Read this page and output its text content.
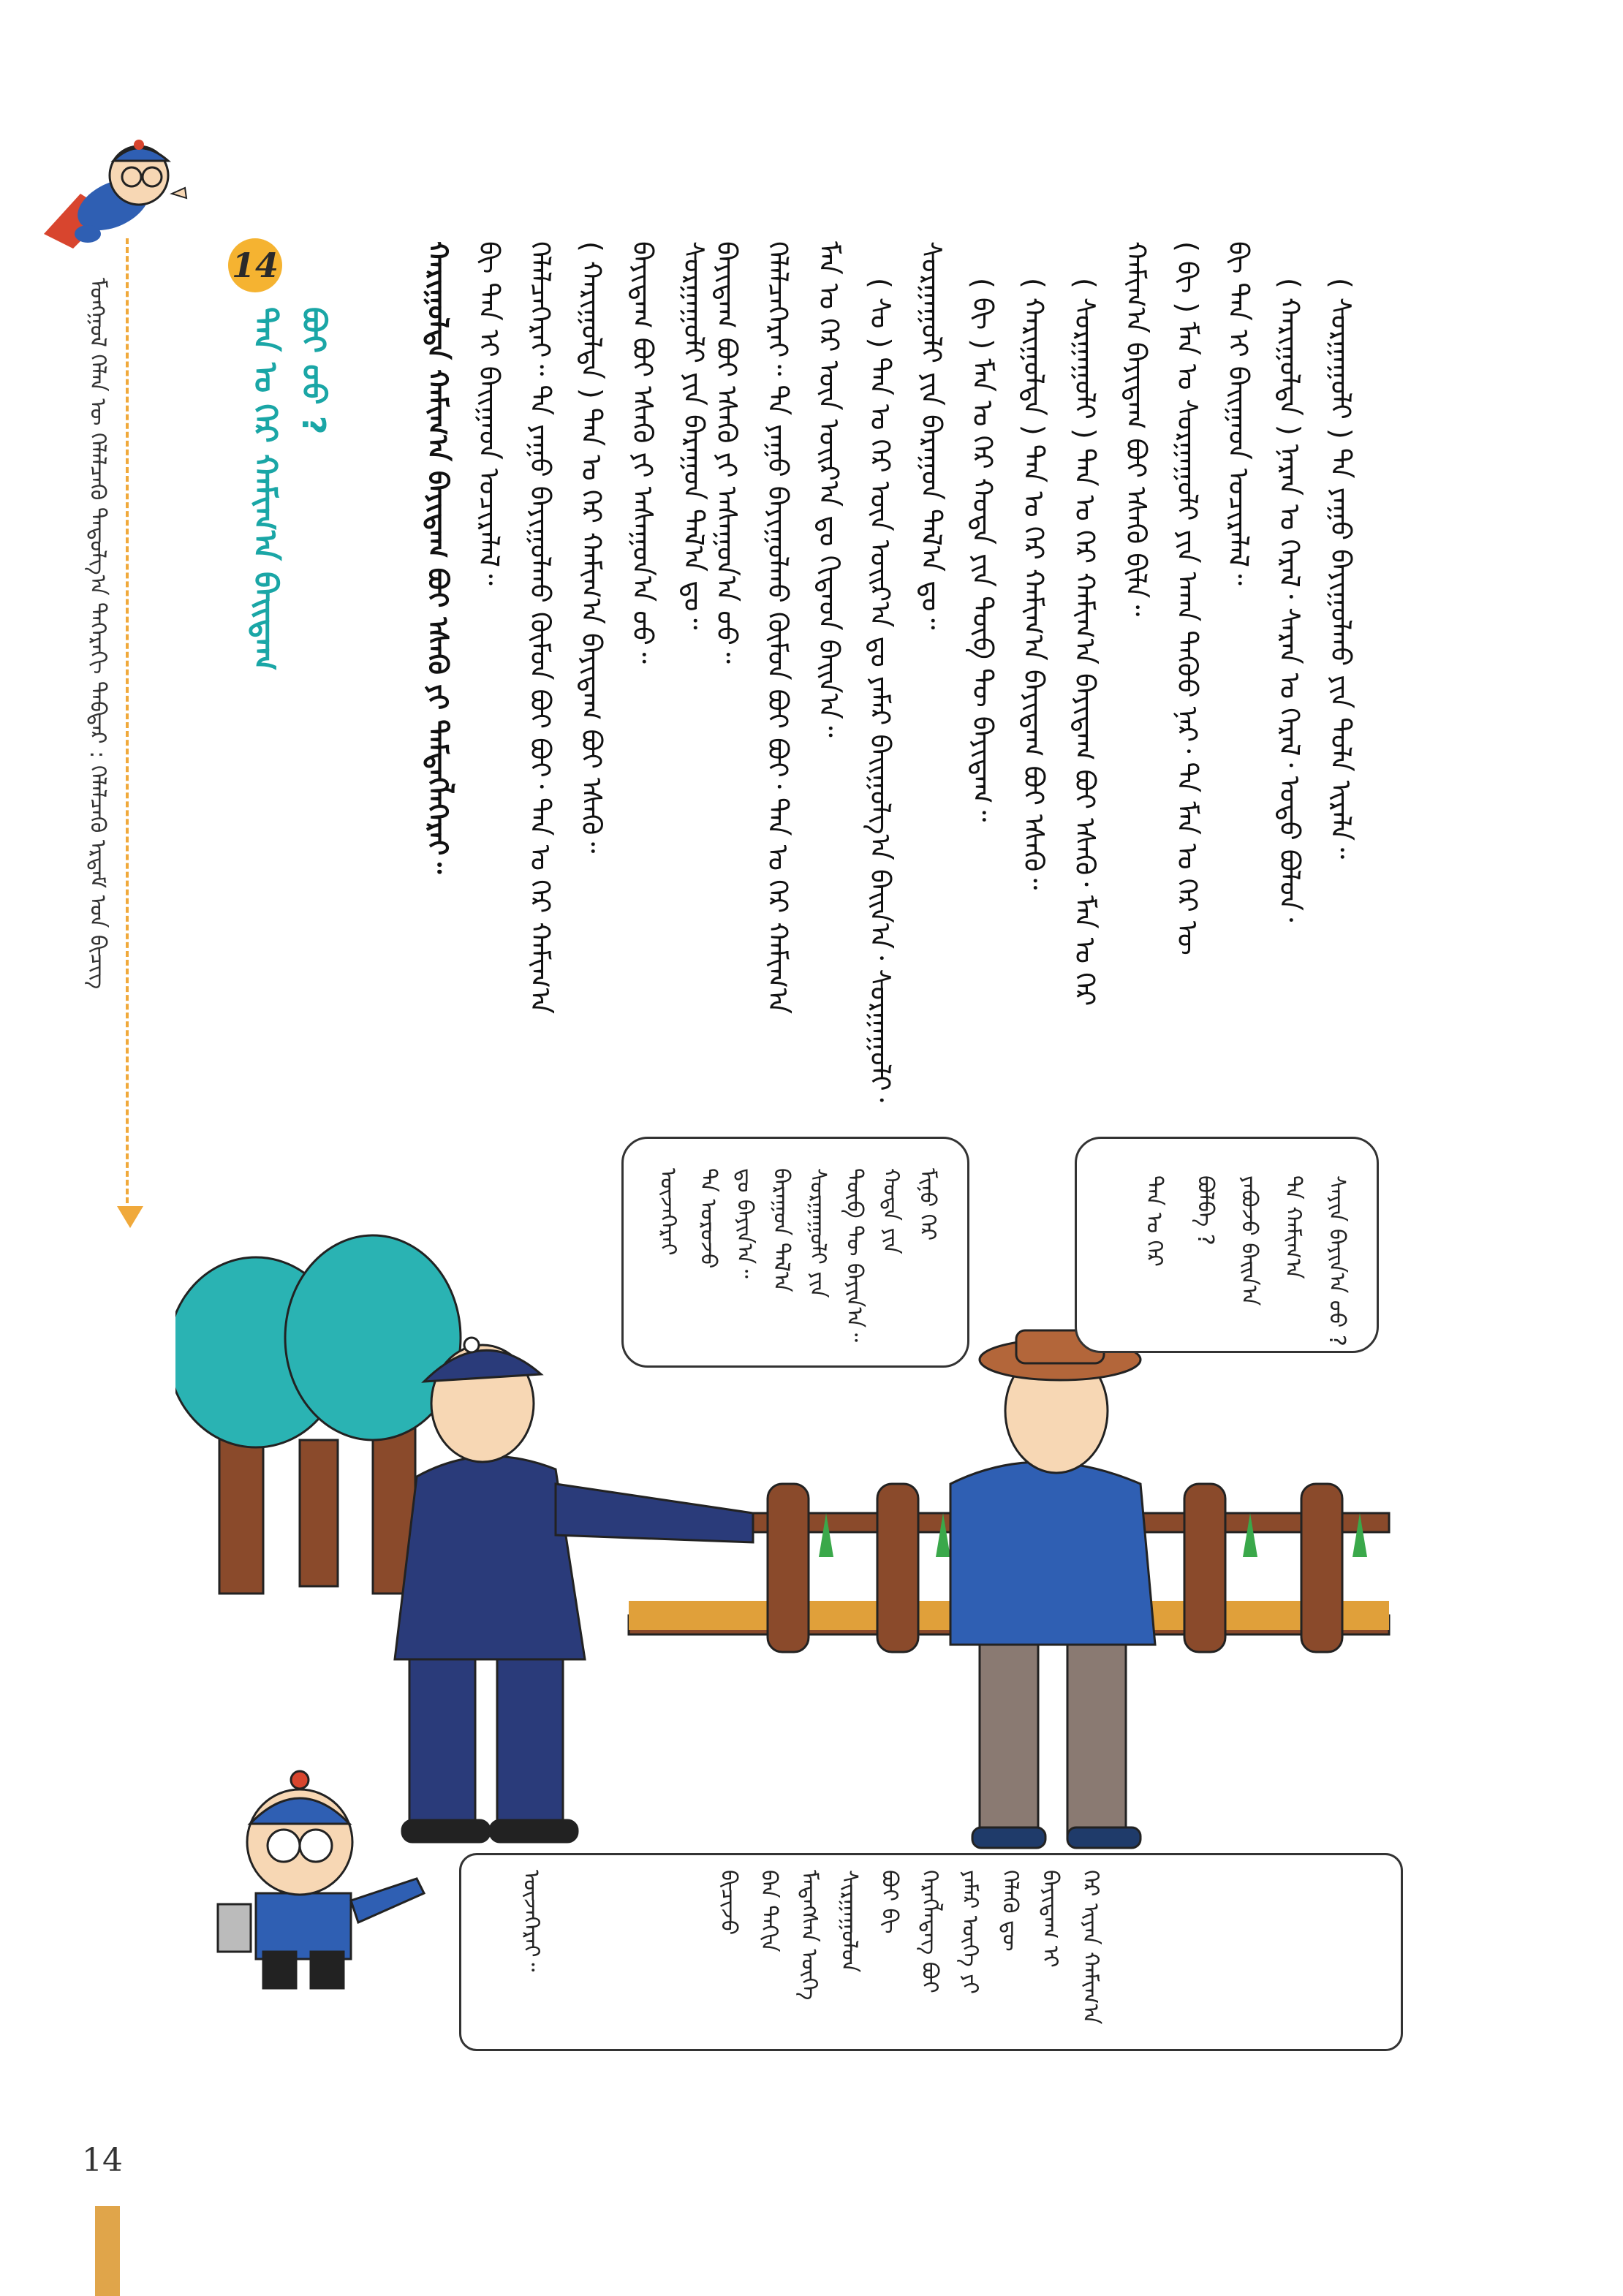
ᠮᠣᠩᠭᠣᠯ ᠬᠡᠯᠡᠨ ᠦ ᠬᠡᠯᠡᠯᠴᠡᠬᠦ ᠳᠠᠳᠤᠯᠭ᠎ᠠ ᠳᠡᠭᠡᠷᠡᠬᠢ ᠳᠡᠪᠲᠡᠷ : ᠬᠡᠯᠡᠯᠴᠡᠬᠦ ᠡᠷᠳᠡᠮ ᠤᠨ ᠪᠢᠴᠢᠭ
14
ᠲᠠᠨ ᠤ ᠭᠡᠷ ᠬᠠᠮᠢᠭ᠎ᠠ ᠪᠠᠢᠳᠠᠭ ᠪᠤᠢ ᠤᠤ ?	( ᠰᠤᠷᠭᠠᠭᠤᠯᠢ ) ᠲᠠ ᠶᠠᠭᠤ ᠪᠠᠶᠢᠭᠤᠯᠬᠤ ᠶᠢᠨ ᠲᠤᠯᠠ ᠢᠷᠡᠯᠡ᠃
( ᠬᠠᠷᠢᠭᠤᠯᠳᠠ ) ᠨᠠᠷᠠᠨ ᠤ ᠭᠡᠷᠡᠯ᠂ ᠰᠠᠷᠠᠨ ᠤ ᠭᠡᠷᠡᠯ᠂ ᠣᠳᠣ ᠪᠣᠯᠤᠨ᠂
ᠪᠢ ᠲᠠᠨ ᠢ ᠪᠠᠢᠭᠠᠳ ᠤᠴᠢᠷᠠᠯᠠᠯ᠃
( ᠪᠢ ) ᠮᠠᠨ ᠤ ᠰᠤᠷᠭᠠᠭᠤᠯᠢ ᠶᠢᠨ ᠠᠬᠠ ᠳᠡᠭᠦᠦ ᠨᠠᠷ᠂ ᠲᠠ ᠮᠠᠨ ᠤ ᠭᠡᠷ ᠦ
ᠬᠠᠮᠢᠭ᠎ᠠ ᠪᠠᠶᠢᠳᠠᠭ ᠪᠤᠢ ᠡᠰᠡᠬᠦ ᠪᠢᠯᠡ᠃
( ᠰᠤᠷᠭᠠᠭᠤᠯᠢ ) ᠲᠠᠨ ᠤ ᠭᠡᠷ ᠬᠠᠮᠢᠭ᠎ᠠ ᠪᠠᠶᠢᠳᠠᠭ ᠪᠤᠢ ᠡᠰᠡᠬᠦ᠂ ᠮᠠᠨ ᠤ ᠭᠡᠷ
( ᠬᠠᠷᠢᠭᠤᠯᠳᠠ ) ᠲᠠᠨ ᠤ ᠭᠡᠷ ᠬᠠᠮᠢᠭ᠎ᠠ ᠪᠠᠶᠢᠳᠠᠭ ᠪᠤᠢ ᠡᠰᠡᠬᠦ᠃
( ᠪᠢ ) ᠮᠠᠨ ᠤ ᠭᠡᠷ ᠬᠣᠲᠠ ᠶᠢᠨ ᠲᠥᠪ ᠲᠦ ᠪᠠᠶᠢᠳᠠᠭ᠃
ᠰᠤᠷᠭᠠᠭᠤᠯᠢ ᠶᠢᠨ ᠪᠠᠷᠠᠭᠤᠨ ᠲᠠᠯ᠎ᠠ ᠳᠤ᠃
( ᠰᠤ ) ᠲᠠᠨ ᠤ ᠭᠡᠷ ᠦᠨ ᠤᠢᠷ᠎ᠠ ᠳᠤ ᠶᠠᠮᠠᠷ ᠪᠠᠢᠭᠤᠯᠭ᠎ᠠ ᠪᠠᠢᠨ᠎ᠠ᠂ ᠰᠤᠷᠭᠠᠭᠤᠯᠢ᠂
ᠮᠠᠨ ᠤ ᠭᠡᠷ ᠦᠨ ᠤᠢᠷ᠎ᠠ ᠳᠤ ᠬᠢᠲᠠᠳ ᠪᠠᠢᠨ᠎ᠠ᠃
ᠬᠡᠯᠡᠯᠴᠡᠭᠡᠷᠡᠢ᠃ ᠲᠠ ᠶᠠᠭᠤ ᠪᠠᠶᠢᠭᠤᠯᠬᠤ ᠬᠥᠮᠦᠨ ᠪᠤᠢ ᠪᠤᠢ᠂ ᠲᠠᠨ ᠤ ᠭᠡᠷ ᠬᠠᠮᠢᠭ᠎ᠠ
ᠪᠠᠶᠢᠳᠠᠭ ᠪᠤᠢ ᠡᠰᠡᠬᠦ ᠶᠢ ᠠᠰᠠᠭᠤᠨ᠎ᠠ ᠤᠤ᠃
ᠬᠠᠷᠢᠭᠤᠯᠳᠠ ᠬᠠᠮᠢᠭ᠎ᠠ ᠪᠠᠶᠢᠳᠠᠭ ᠪᠤᠢ ᠡᠰᠡᠬᠦ ᠶᠢ ᠲᠡᠮᠳᠡᠭᠯᠡᠭᠡᠷᠡᠢ᠃ ᠪᠢ ᠲᠠᠨ ᠢ ᠪᠠᠢᠭᠠᠳ ᠤᠴᠢᠷᠠᠯᠠᠯ᠃ ᠬᠡᠯᠡᠯᠴᠡᠭᠡᠷᠡᠢ᠃ ᠲᠠ ᠶᠠᠭᠤ ᠪᠠᠶᠢᠭᠤᠯᠬᠤ ᠬᠥᠮᠦᠨ ᠪᠤᠢ ᠪᠤᠢ᠂ ᠲᠠᠨ ᠤ ᠭᠡᠷ ᠬᠠᠮᠢᠭ᠎ᠠ	ᠪᠠᠶᠢᠳᠠᠭ ᠪᠤᠢ ᠡᠰᠡᠬᠦ ᠶᠢ ᠠᠰᠠᠭᠤᠨ᠎ᠠ ᠤᠤ᠃
( ᠬᠠᠷᠢᠭᠤᠯᠳᠠ ) ᠲᠠᠨ ᠤ ᠭᠡᠷ ᠬᠠᠮᠢᠭ᠎ᠠ ᠪᠠᠶᠢᠳᠠᠭ ᠪᠤᠢ ᠡᠰᠡᠬᠦ᠃	ᠰᠤᠷᠭᠠᠭᠤᠯᠢ ᠶᠢᠨ ᠪᠠᠷᠠᠭᠤᠨ ᠲᠠᠯ᠎ᠠ ᠳᠤ᠃
ᠰᠠᠶᠢᠨ ᠪᠠᠶᠢᠨ᠎ᠠ ᠤᠤ ?
ᠲᠠ ᠬᠠᠮᠢᠭ᠎ᠠ
ᠶᠠᠪᠤᠵᠤ ᠪᠠᠢᠨ᠎ᠠ
ᠪᠣᠯᠪᠠ ?
ᠲᠠᠨ ᠤ ᠭᠡᠷ
ᠮᠢᠨᠤ ᠭᠡᠷ
ᠬᠣᠲᠠ ᠶᠢᠨ
ᠲᠥᠪ ᠲᠦ ᠪᠠᠶᠢᠨ᠎ᠠ᠃
ᠰᠤᠷᠭᠠᠭᠤᠯᠢ ᠶᠢᠨ
ᠪᠠᠷᠠᠭᠤᠨ ᠲᠠᠯ᠎ᠠ
ᠳᠤ ᠪᠠᠶᠢᠨ᠎ᠠ᠃
ᠲᠠ ᠣᠷᠣᠵᠤ
ᠦᠵᠡᠭᠡᠷᠡᠢ
ᠭᠡᠷ ᠢᠶᠡᠨ ᠬᠠᠮᠢᠭ᠎ᠠ
ᠪᠠᠶᠢᠳᠠᠭ ᠢ
ᠬᠡᠯᠡᠬᠦ ᠳᠦ
ᠶᠠᠮᠠᠷ ᠦᠭᠡ ᠶᠢ
ᠬᠡᠷᠡᠭᠯᠡᠳᠡᠭ ᠪᠤᠢ
ᠪᠤᠢ ᠪᠢ
ᠰᠢᠷᠭᠠᠭᠤᠯᠤᠨ
ᠮᠡᠳᠡᠭᠰᠡᠨ ᠦᠭᠡ
ᠪᠠᠨ ᠳᠠᠬᠢᠨ
ᠪᠢᠴᠢᠵᠦ
ᠦᠵᠡᠭᠡᠷᠡᠢ᠃
14
